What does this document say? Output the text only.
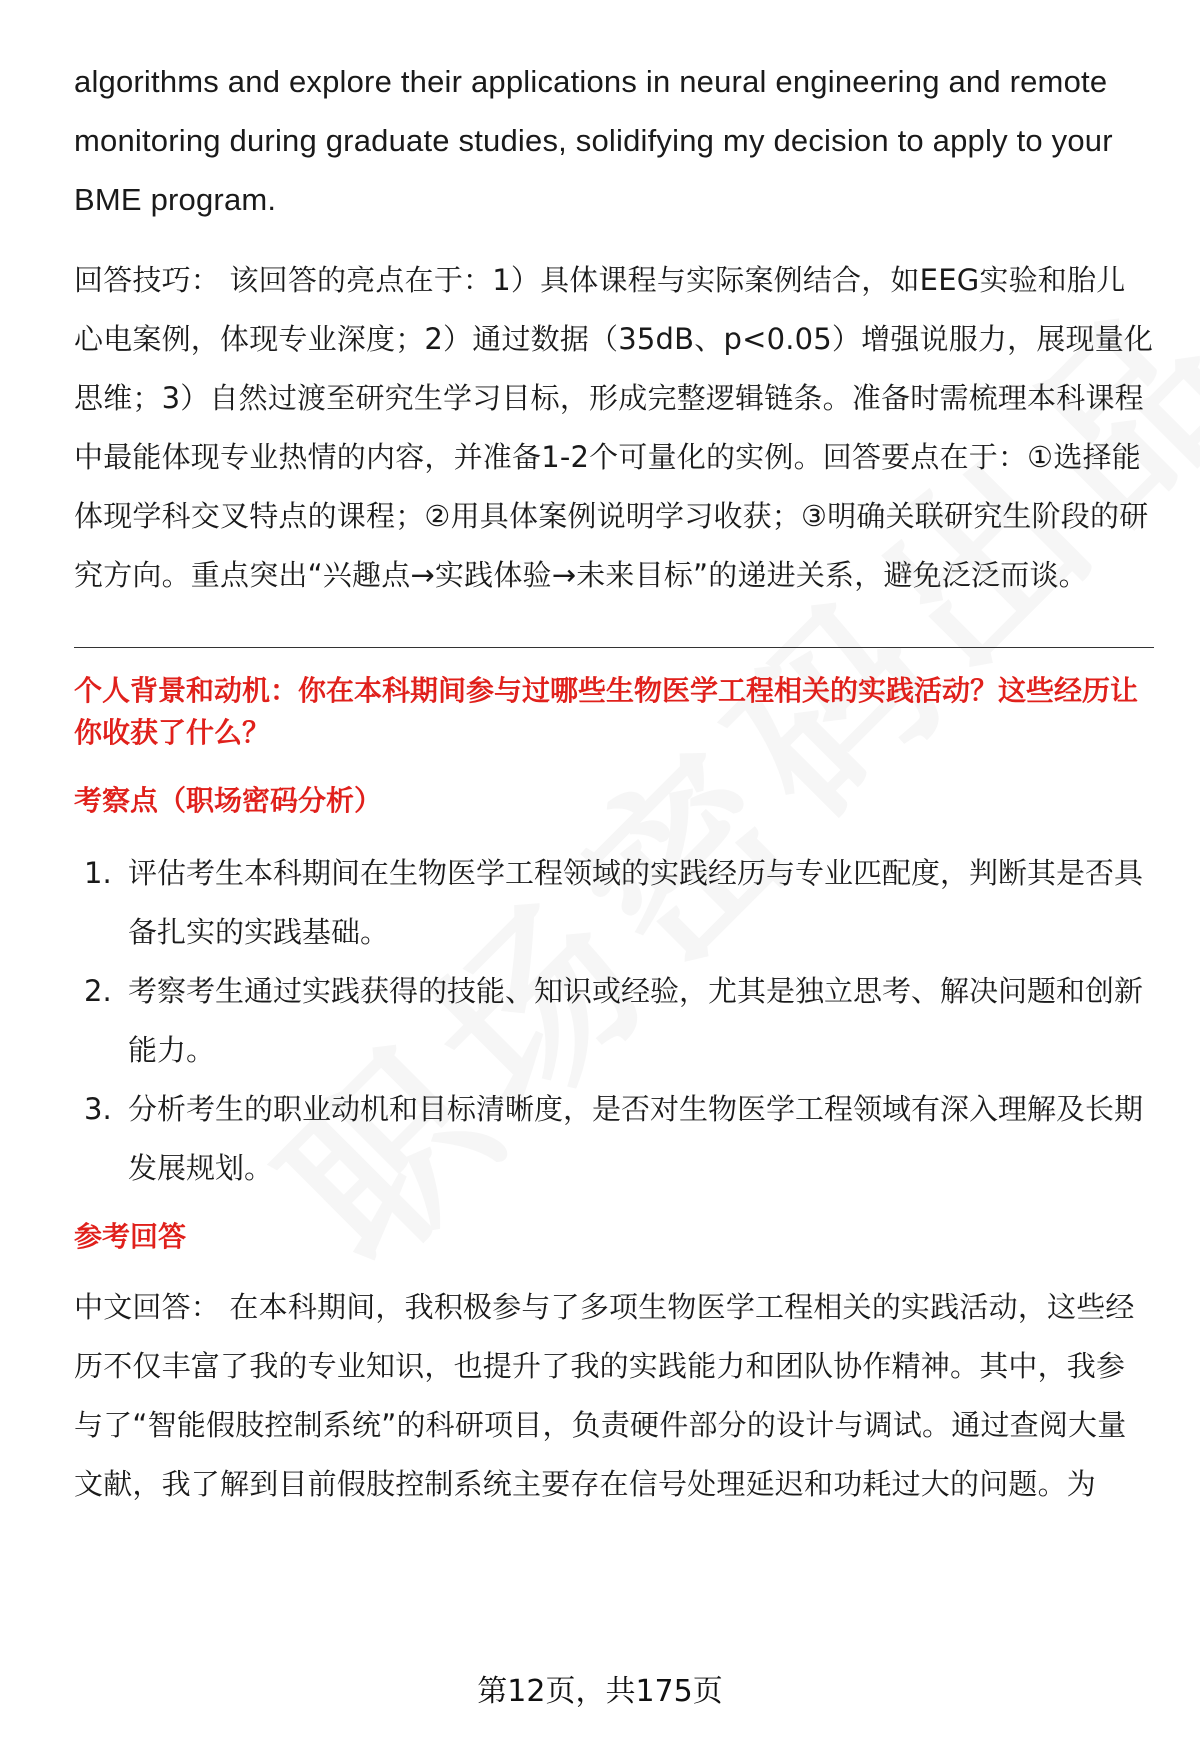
algorithms and explore their applications in neural engineering and remote monitoring during graduate studies, solidifying my decision to apply to your BME program.

回答技巧： 该回答的亮点在于：1）具体课程与实际案例结合，如EEG实验和胎儿心电案例，体现专业深度；2）通过数据（35dB、p<0.05）增强说服力，展现量化思维；3）自然过渡至研究生学习目标，形成完整逻辑链条。准备时需梳理本科课程中最能体现专业热情的内容，并准备1-2个可量化的实例。回答要点在于：①选择能体现学科交叉特点的课程；②用具体案例说明学习收获；③明确关联研究生阶段的研究方向。重点突出“兴趣点→实践体验→未来目标”的递进关系，避免泛泛而谈。

个人背景和动机：你在本科期间参与过哪些生物医学工程相关的实践活动？这些经历让你收获了什么？
考察点（职场密码分析）
1. 评估考生本科期间在生物医学工程领域的实践经历与专业匹配度，判断其是否具备扎实的实践基础。
2. 考察考生通过实践获得的技能、知识或经验，尤其是独立思考、解决问题和创新能力。
3. 分析考生的职业动机和目标清晰度，是否对生物医学工程领域有深入理解及长期发展规划。
参考回答

中文回答： 在本科期间，我积极参与了多项生物医学工程相关的实践活动，这些经历不仅丰富了我的专业知识，也提升了我的实践能力和团队协作精神。其中，我参与了“智能假肢控制系统”的科研项目，负责硬件部分的设计与调试。通过查阅大量文献，我了解到目前假肢控制系统主要存在信号处理延迟和功耗过大的问题。为

第12页，共175页
